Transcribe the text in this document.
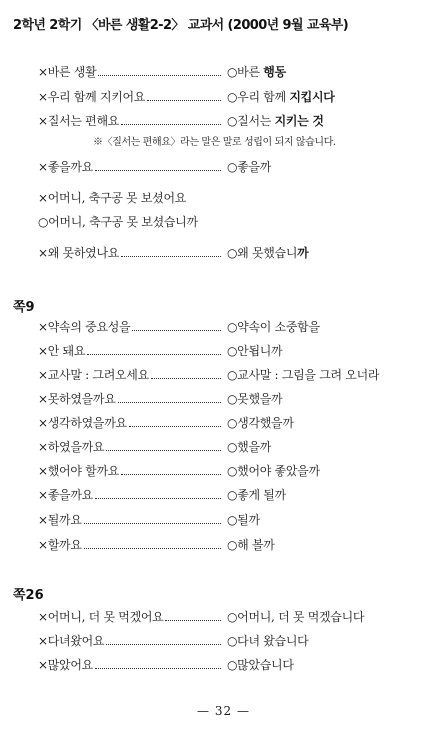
2학년 2학기 〈바른 생활2-2〉 교과서 (2000년 9월 교육부)
×바른 생활	○바른 행동
×우리 함께 지키어요	○우리 함께 지킵시다
×질서는 편해요	○질서는 지키는 것
※〈질서는 편해요〉라는 말은 말로 성립이 되지 않습니다.
×좋을까요	○좋을까
×어머니, 축구공 못 보셨어요
○어머니, 축구공 못 보셨습니까
×왜 못하였나요	○왜 못했습니까
쪽9
×약속의 중요성을	○약속이 소중함을
×안 돼요	○안됩니까
×교사말 : 그려오세요	○교사말 : 그림을 그려 오너라
×못하였을까요	○못했을까
×생각하였을까요	○생각했을까
×하였을까요	○했을까
×했어야 할까요	○했어야 좋았을까
×좋을까요	○좋게 될까
×될까요	○될까
×할까요	○해 볼까
쪽26
×어머니, 더 못 먹겠어요	○어머니, 더 못 먹겠습니다
×다녀왔어요	○다녀 왔습니다
×많았어요	○많았습니다
— 32 —
